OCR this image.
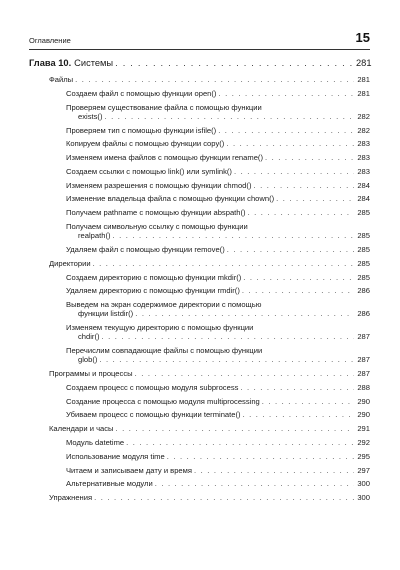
Оглавление	15
Глава 10. Системы . . .	281
Файлы . . .	281
Создаем файл с помощью функции open() . . .	281
Проверяем существование файла с помощью функции
exists() . . .	282
Проверяем тип с помощью функции isfile() . . .	282
Копируем файлы с помощью функции copy() . . .	283
Изменяем имена файлов с помощью функции rename() . . .	283
Создаем ссылки с помощью link() или symlink() . . .	283
Изменяем разрешения с помощью функции chmod() . . .	284
Изменение владельца файла с помощью функции chown() . . .	284
Получаем pathname с помощью функции abspath() . . .	285
Получаем символьную ссылку с помощью функции
realpath() . . .	285
Удаляем файл с помощью функции remove() . . .	285
Директории . . .	285
Создаем директорию с помощью функции mkdir() . . .	285
Удаляем директорию с помощью функции rmdir() . . .	286
Выведем на экран содержимое директории с помощью
функции listdir() . . .	286
Изменяем текущую директорию с помощью функции
chdir() . . .	287
Перечислим совпадающие файлы с помощью функции
glob() . . .	287
Программы и процессы . . .	287
Создаем процесс с помощью модуля subprocess . . .	288
Создание процесса с помощью модуля multiprocessing . . .	290
Убиваем процесс с помощью функции terminate() . . .	290
Календари и часы . . .	291
Модуль datetime . . .	292
Использование модуля time . . .	295
Читаем и записываем дату и время . . .	297
Альтернативные модули . . .	300
Упражнения . . .	300
